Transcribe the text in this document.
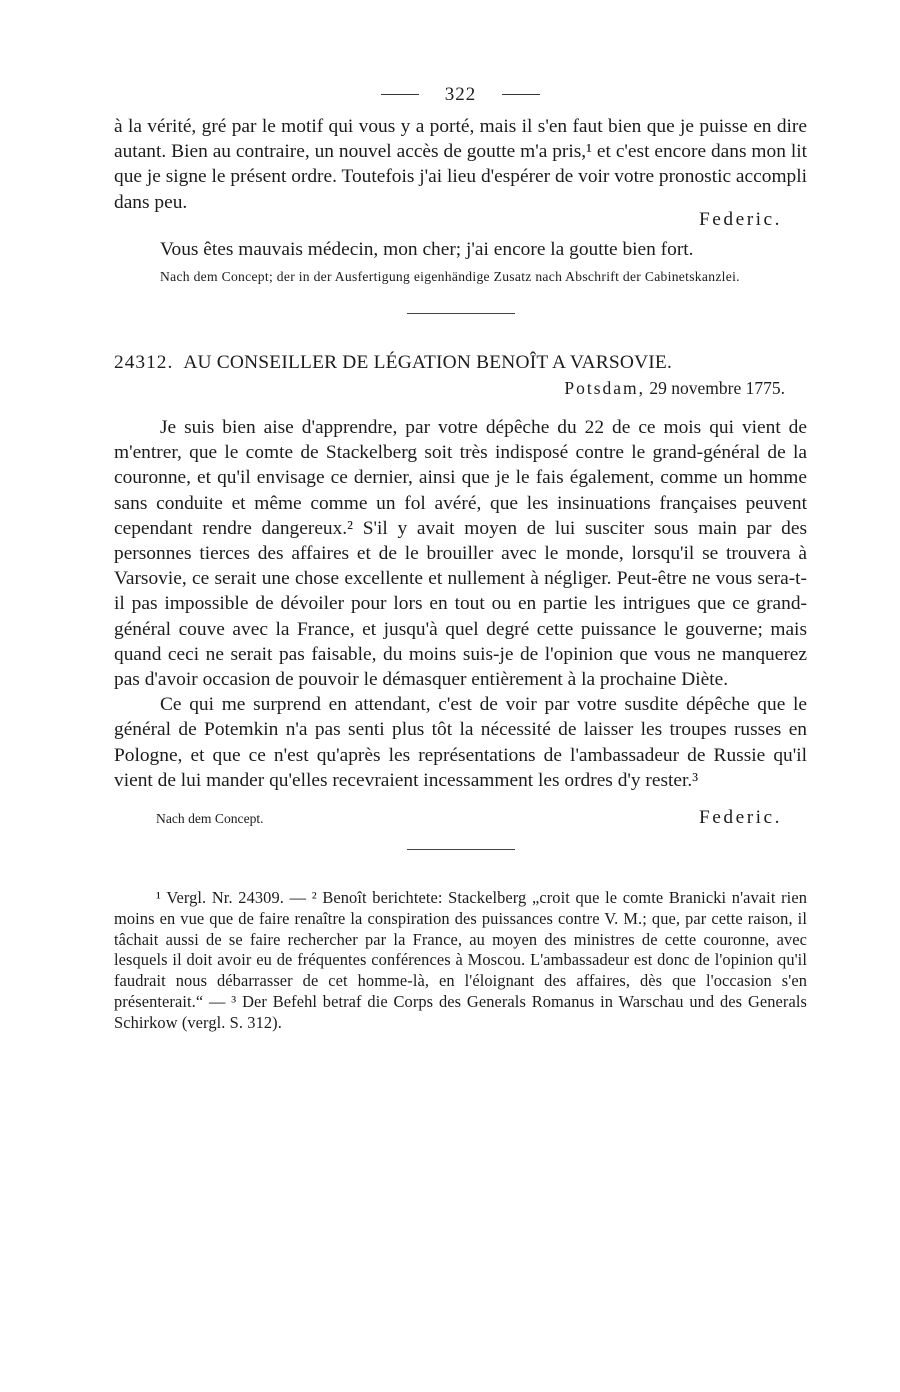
322

à la vérité, gré par le motif qui vous y a porté, mais il s'en faut bien que je puisse en dire autant. Bien au contraire, un nouvel accès de goutte m'a pris,¹ et c'est encore dans mon lit que je signe le présent ordre. Toutefois j'ai lieu d'espérer de voir votre pronostic accompli dans peu.

Federic.

Vous êtes mauvais médecin, mon cher; j'ai encore la goutte bien fort.

Nach dem Concept; der in der Ausfertigung eigenhändige Zusatz nach Abschrift der Cabinetskanzlei.

24312. AU CONSEILLER DE LÉGATION BENOÎT A VARSOVIE.

Potsdam, 29 novembre 1775.

Je suis bien aise d'apprendre, par votre dépêche du 22 de ce mois qui vient de m'entrer, que le comte de Stackelberg soit très indisposé contre le grand-général de la couronne, et qu'il envisage ce dernier, ainsi que je le fais également, comme un homme sans conduite et même comme un fol avéré, que les insinuations françaises peuvent cependant rendre dangereux.² S'il y avait moyen de lui susciter sous main par des personnes tierces des affaires et de le brouiller avec le monde, lorsqu'il se trouvera à Varsovie, ce serait une chose excellente et nullement à négliger. Peut-être ne vous sera-t-il pas impossible de dévoiler pour lors en tout ou en partie les intrigues que ce grand-général couve avec la France, et jusqu'à quel degré cette puissance le gouverne; mais quand ceci ne serait pas faisable, du moins suis-je de l'opinion que vous ne manquerez pas d'avoir occasion de pouvoir le démasquer entièrement à la prochaine Diète.

Ce qui me surprend en attendant, c'est de voir par votre susdite dépêche que le général de Potemkin n'a pas senti plus tôt la nécessité de laisser les troupes russes en Pologne, et que ce n'est qu'après les représentations de l'ambassadeur de Russie qu'il vient de lui mander qu'elles recevraient incessamment les ordres d'y rester.³

Nach dem Concept.	Federic.

¹ Vergl. Nr. 24309. — ² Benoît berichtete: Stackelberg „croit que le comte Branicki n'avait rien moins en vue que de faire renaître la conspiration des puissances contre V. M.; que, par cette raison, il tâchait aussi de se faire rechercher par la France, au moyen des ministres de cette couronne, avec lesquels il doit avoir eu de fréquentes conférences à Moscou. L'ambassadeur est donc de l'opinion qu'il faudrait nous débarrasser de cet homme-là, en l'éloignant des affaires, dès que l'occasion s'en présenterait.“ — ³ Der Befehl betraf die Corps des Generals Romanus in Warschau und des Generals Schirkow (vergl. S. 312).
